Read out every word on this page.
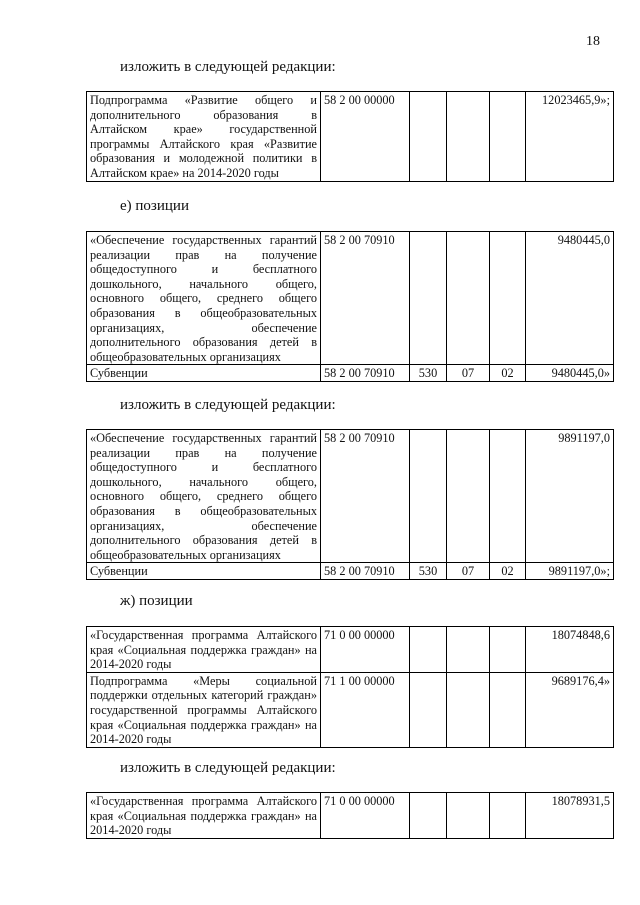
18
изложить в следующей редакции:
Подпрограмма «Развитие общего и дополнительного образования в Алтайском крае» государственной программы Алтайского края «Развитие образования и молодежной политики в Алтайском крае» на 2014-2020 годы	58 2 00 00000				12023465,9»;
е) позиции
«Обеспечение государственных гарантий реализации прав на получение общедоступного и бесплатного дошкольного, начального общего, основного общего, среднего общего образования в общеобразовательных организациях, обеспечение дополнительного образования детей в общеобразовательных организациях	58 2 00 70910				9480445,0
Субвенции	58 2 00 70910	530	07	02	9480445,0»
изложить в следующей редакции:
«Обеспечение государственных гарантий реализации прав на получение общедоступного и бесплатного дошкольного, начального общего, основного общего, среднего общего образования в общеобразовательных организациях, обеспечение дополнительного образования детей в общеобразовательных организациях	58 2 00 70910				9891197,0
Субвенции	58 2 00 70910	530	07	02	9891197,0»;
ж) позиции
«Государственная программа Алтайского края «Социальная поддержка граждан» на 2014-2020 годы	71 0 00 00000				18074848,6
Подпрограмма «Меры социальной поддержки отдельных категорий граждан» государственной программы Алтайского края «Социальная поддержка граждан» на 2014-2020 годы	71 1 00 00000				9689176,4»
изложить в следующей редакции:
«Государственная программа Алтайского края «Социальная поддержка граждан» на 2014-2020 годы	71 0 00 00000				18078931,5
